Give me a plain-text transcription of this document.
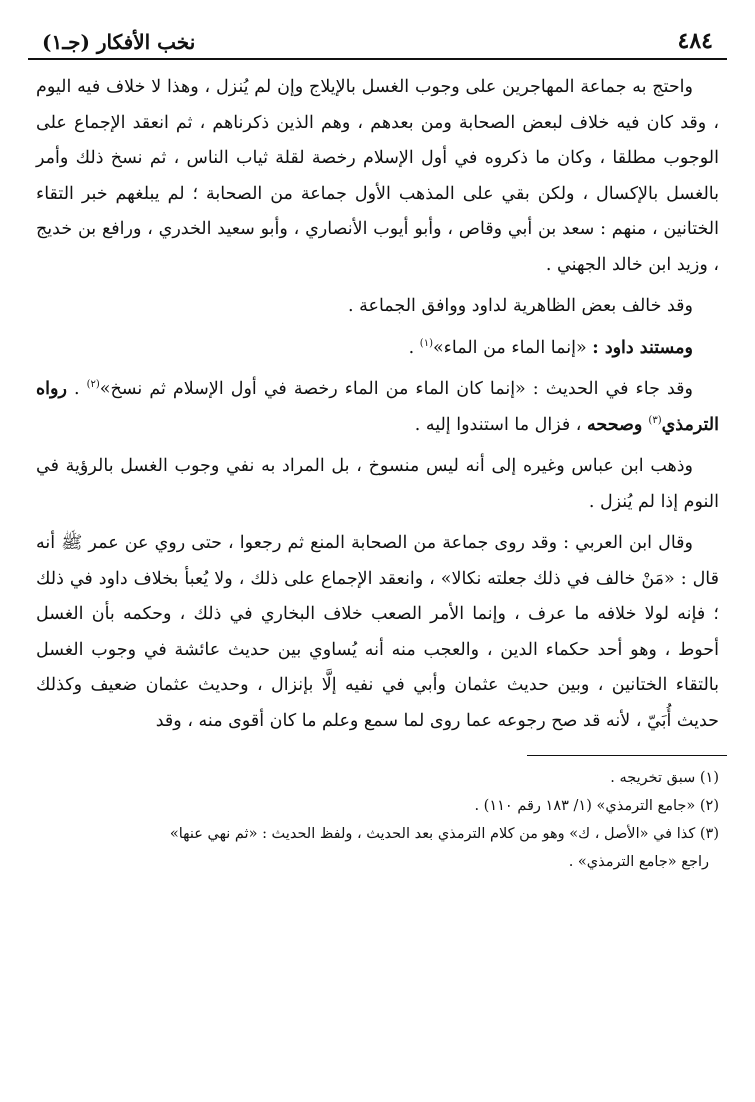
٤٨٤
نخب الأفكار (جـ١)

واحتج به جماعة المهاجرين على وجوب الغسل بالإيلاج وإن لم يُنزل ، وهذا لا خلاف فيه اليوم ، وقد كان فيه خلاف لبعض الصحابة ومن بعدهم ، وهم الذين ذكرناهم ، ثم انعقد الإجماع على الوجوب مطلقا ، وكان ما ذكروه في أول الإسلام رخصة لقلة ثياب الناس ، ثم نسخ ذلك وأمر بالغسل بالإكسال ، ولكن بقي على المذهب الأول جماعة من الصحابة ؛ لم يبلغهم خبر التقاء الختانين ، منهم : سعد بن أبي وقاص ، وأبو أيوب الأنصاري ، وأبو سعيد الخدري ، ورافع بن خديج ، وزيد ابن خالد الجهني .

وقد خالف بعض الظاهرية لداود ووافق الجماعة .

ومستند داود : «إنما الماء من الماء»$^{(١)}$ .

وقد جاء في الحديث : «إنما كان الماء من الماء رخصة في أول الإسلام ثم نسخ»$^{(٢)}$ . رواه الترمذي$^{(٣)}$ وصححه ، فزال ما استندوا إليه .

وذهب ابن عباس وغيره إلى أنه ليس منسوخ ، بل المراد به نفي وجوب الغسل بالرؤية في النوم إذا لم يُنزل .

وقال ابن العربي : وقد روى جماعة من الصحابة المنع ثم رجعوا ، حتى روي عن عمر ﷺ أنه قال : «مَنْ خالف في ذلك جعلته نكالا» ، وانعقد الإجماع على ذلك ، ولا يُعبأ بخلاف داود في ذلك ؛ فإنه لولا خلافه ما عرف ، وإنما الأمر الصعب خلاف البخاري في ذلك ، وحكمه بأن الغسل أحوط ، وهو أحد حكماء الدين ، والعجب منه أنه يُساوي بين حديث عائشة في وجوب الغسل بالتقاء الختانين ، وبين حديث عثمان وأبي في نفيه إلَّا بإنزال ، وحديث عثمان ضعيف وكذلك حديث أُبَيّ ، لأنه قد صح رجوعه عما روى لما سمع وعلم ما كان أقوى منه ، وقد

(١) سبق تخريجه .

(٢) «جامع الترمذي» (١/ ١٨٣ رقم ١١٠) .

(٣) كذا في «الأصل ، ك» وهو من كلام الترمذي بعد الحديث ، ولفظ الحديث : «ثم نهي عنها»

راجع «جامع الترمذي» .
